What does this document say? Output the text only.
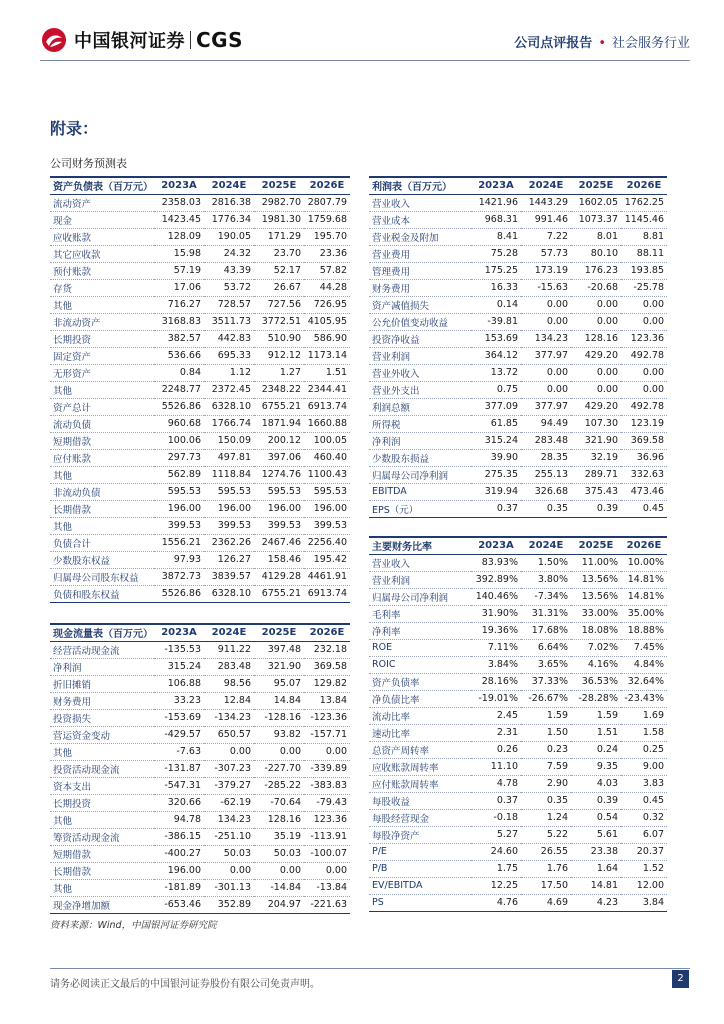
中国银河证券 CGS	公司点评报告 • 社会服务行业
附录：
公司财务预测表
资产负债表（百万元）	2023A	2024E	2025E	2026E
流动资产	2358.03	2816.38	2982.70	2807.79
现金	1423.45	1776.34	1981.30	1759.68
应收账款	128.09	190.05	171.29	195.70
其它应收款	15.98	24.32	23.70	23.36
预付账款	57.19	43.39	52.17	57.82
存货	17.06	53.72	26.67	44.28
其他	716.27	728.57	727.56	726.95
非流动资产	3168.83	3511.73	3772.51	4105.95
长期投资	382.57	442.83	510.90	586.90
固定资产	536.66	695.33	912.12	1173.14
无形资产	0.84	1.12	1.27	1.51
其他	2248.77	2372.45	2348.22	2344.41
资产总计	5526.86	6328.10	6755.21	6913.74
流动负债	960.68	1766.74	1871.94	1660.88
短期借款	100.06	150.09	200.12	100.05
应付账款	297.73	497.81	397.06	460.40
其他	562.89	1118.84	1274.76	1100.43
非流动负债	595.53	595.53	595.53	595.53
长期借款	196.00	196.00	196.00	196.00
其他	399.53	399.53	399.53	399.53
负债合计	1556.21	2362.26	2467.46	2256.40
少数股东权益	97.93	126.27	158.46	195.42
归属母公司股东权益	3872.73	3839.57	4129.28	4461.91
负债和股东权益	5526.86	6328.10	6755.21	6913.74
利润表（百万元）	2023A	2024E	2025E	2026E
营业收入	1421.96	1443.29	1602.05	1762.25
营业成本	968.31	991.46	1073.37	1145.46
营业税金及附加	8.41	7.22	8.01	8.81
营业费用	75.28	57.73	80.10	88.11
管理费用	175.25	173.19	176.23	193.85
财务费用	16.33	-15.63	-20.68	-25.78
资产减值损失	0.14	0.00	0.00	0.00
公允价值变动收益	-39.81	0.00	0.00	0.00
投资净收益	153.69	134.23	128.16	123.36
营业利润	364.12	377.97	429.20	492.78
营业外收入	13.72	0.00	0.00	0.00
营业外支出	0.75	0.00	0.00	0.00
利润总额	377.09	377.97	429.20	492.78
所得税	61.85	94.49	107.30	123.19
净利润	315.24	283.48	321.90	369.58
少数股东损益	39.90	28.35	32.19	36.96
归属母公司净利润	275.35	255.13	289.71	332.63
EBITDA	319.94	326.68	375.43	473.46
EPS（元）	0.37	0.35	0.39	0.45
主要财务比率	2023A	2024E	2025E	2026E
营业收入	83.93%	1.50%	11.00%	10.00%
营业利润	392.89%	3.80%	13.56%	14.81%
归属母公司净利润	140.46%	-7.34%	13.56%	14.81%
毛利率	31.90%	31.31%	33.00%	35.00%
净利率	19.36%	17.68%	18.08%	18.88%
ROE	7.11%	6.64%	7.02%	7.45%
ROIC	3.84%	3.65%	4.16%	4.84%
资产负债率	28.16%	37.33%	36.53%	32.64%
净负债比率	-19.01%	-26.67%	-28.28%	-23.43%
流动比率	2.45	1.59	1.59	1.69
速动比率	2.31	1.50	1.51	1.58
总资产周转率	0.26	0.23	0.24	0.25
应收账款周转率	11.10	7.59	9.35	9.00
应付账款周转率	4.78	2.90	4.03	3.83
每股收益	0.37	0.35	0.39	0.45
每股经营现金	-0.18	1.24	0.54	0.32
每股净资产	5.27	5.22	5.61	6.07
P/E	24.60	26.55	23.38	20.37
P/B	1.75	1.76	1.64	1.52
EV/EBITDA	12.25	17.50	14.81	12.00
PS	4.76	4.69	4.23	3.84
现金流量表（百万元）	2023A	2024E	2025E	2026E
经营活动现金流	-135.53	911.22	397.48	232.18
净利润	315.24	283.48	321.90	369.58
折旧摊销	106.88	98.56	95.07	129.82
财务费用	33.23	12.84	14.84	13.84
投资损失	-153.69	-134.23	-128.16	-123.36
营运资金变动	-429.57	650.57	93.82	-157.71
其他	-7.63	0.00	0.00	0.00
投资活动现金流	-131.87	-307.23	-227.70	-339.89
资本支出	-547.31	-379.27	-285.22	-383.83
长期投资	320.66	-62.19	-70.64	-79.43
其他	94.78	134.23	128.16	123.36
筹资活动现金流	-386.15	-251.10	35.19	-113.91
短期借款	-400.27	50.03	50.03	-100.07
长期借款	196.00	0.00	0.00	0.00
其他	-181.89	-301.13	-14.84	-13.84
现金净增加额	-653.46	352.89	204.97	-221.63
资料来源：Wind，中国银河证券研究院
请务必阅读正文最后的中国银河证券股份有限公司免责声明。
2
